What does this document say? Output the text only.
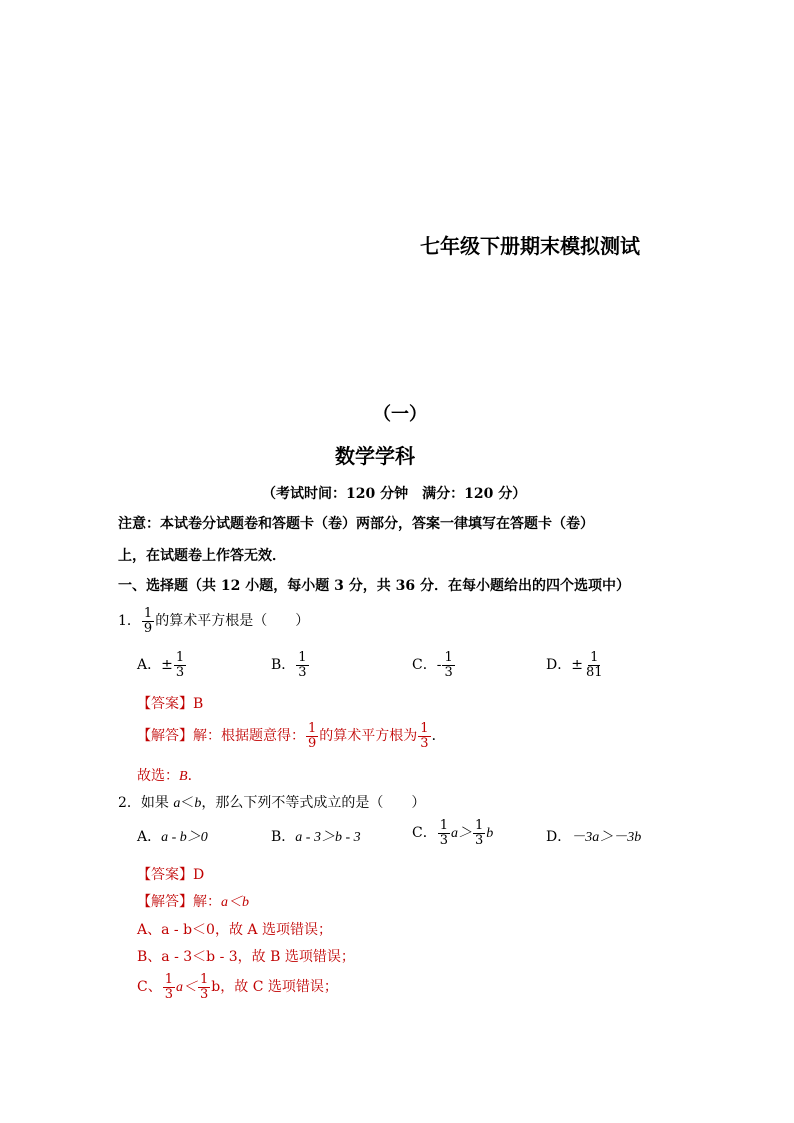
七年级下册期末模拟测试
（一）
数学学科
（考试时间：120 分钟　满分：120 分）
注意：本试卷分试题卷和答题卡（卷）两部分，答案一律填写在答题卡（卷）
上，在试题卷上作答无效．
一、选择题（共 12 小题，每小题 3 分，共 36 分．在每小题给出的四个选项中）
1． $\frac{1}{9}$ 的算术平方根是（　　）
A．± $\frac{1}{3}$	B． $\frac{1}{3}$	C．- $\frac{1}{3}$	D．± $\frac{1}{81}$
【答案】B
【解答】解：根据题意得： $\frac{1}{9}$ 的算术平方根为 $\frac{1}{3}$ ．
故选：B．
2．如果 a＜b，那么下列不等式成立的是（　　）
A．a - b＞0	B．a - 3＞b - 3	C． $\frac{1}{3} a> \frac{1}{3}$ b	D．－3a＞－3b
【答案】D
【解答】解：a＜b
A、a - b＜0，故 A 选项错误；
B、a - 3＜b - 3，故 B 选项错误；
C、 $\frac{1}{3} a< \frac{1}{3}$ b，故 C 选项错误；
